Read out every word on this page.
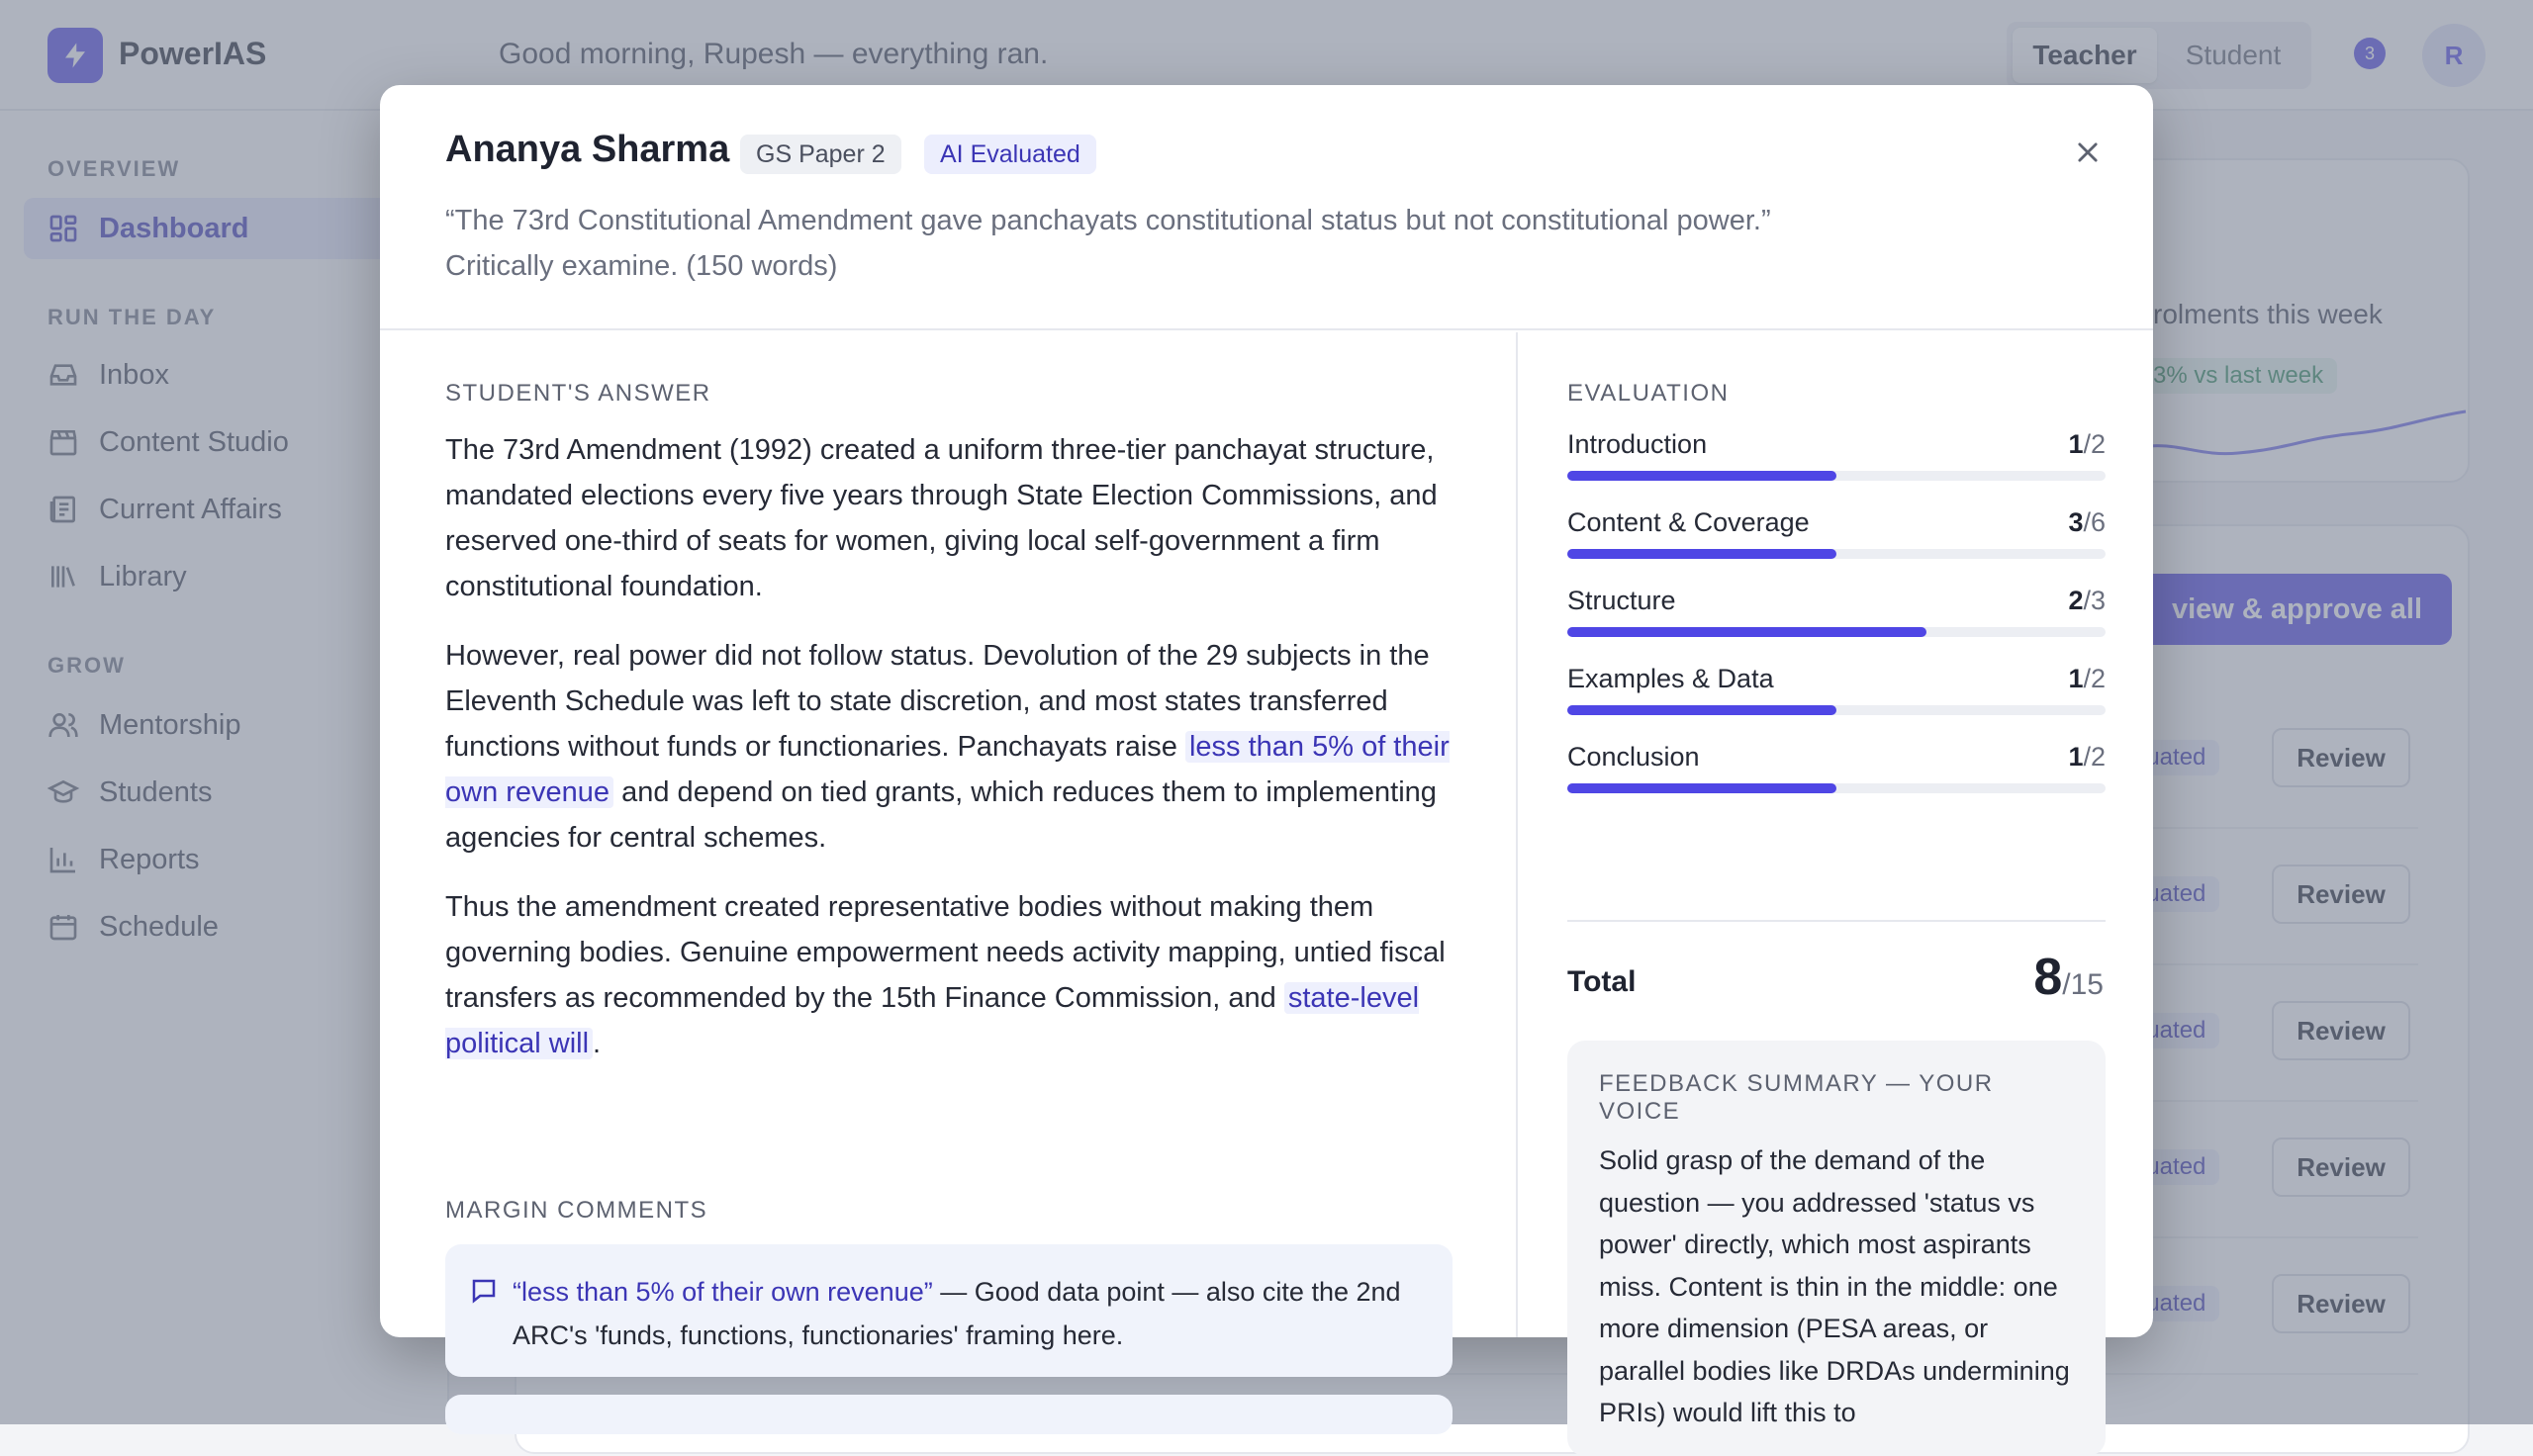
Ananya Sharma	GS Paper 2	AI Evaluated
“The 73rd Constitutional Amendment gave panchayats constitutional status but not constitutional power.” Critically examine. (150 words)
STUDENT'S ANSWER

The 73rd Amendment (1992) created a uniform three-tier panchayat structure, mandated elections every five years through State Election Commissions, and reserved one-third of seats for women, giving local self-government a firm constitutional foundation.

However, real power did not follow status. Devolution of the 29 subjects in the Eleventh Schedule was left to state discretion, and most states transferred functions without funds or functionaries. Panchayats raise less than 5% of their own revenue and depend on tied grants, which reduces them to implementing agencies for central schemes.

Thus the amendment created representative bodies without making them governing bodies. Genuine empowerment needs activity mapping, untied fiscal transfers as recommended by the 15th Finance Commission, and state-level political will .

MARGIN COMMENTS
“less than 5% of their own revenue” — Good data point — also cite the 2nd ARC's 'funds, functions, functionaries' framing here.
EVALUATION
Introduction	1/2
Content & Coverage	3/6
Structure	2/3
Examples & Data	1/2
Conclusion	1/2
Total	8/15
FEEDBACK SUMMARY — YOUR VOICE
Solid grasp of the demand of the question — you addressed 'status vs power' directly, which most aspirants miss. Content is thin in the middle: one more dimension (PESA areas, or parallel bodies like DRDAs undermining PRIs) would lift this to
